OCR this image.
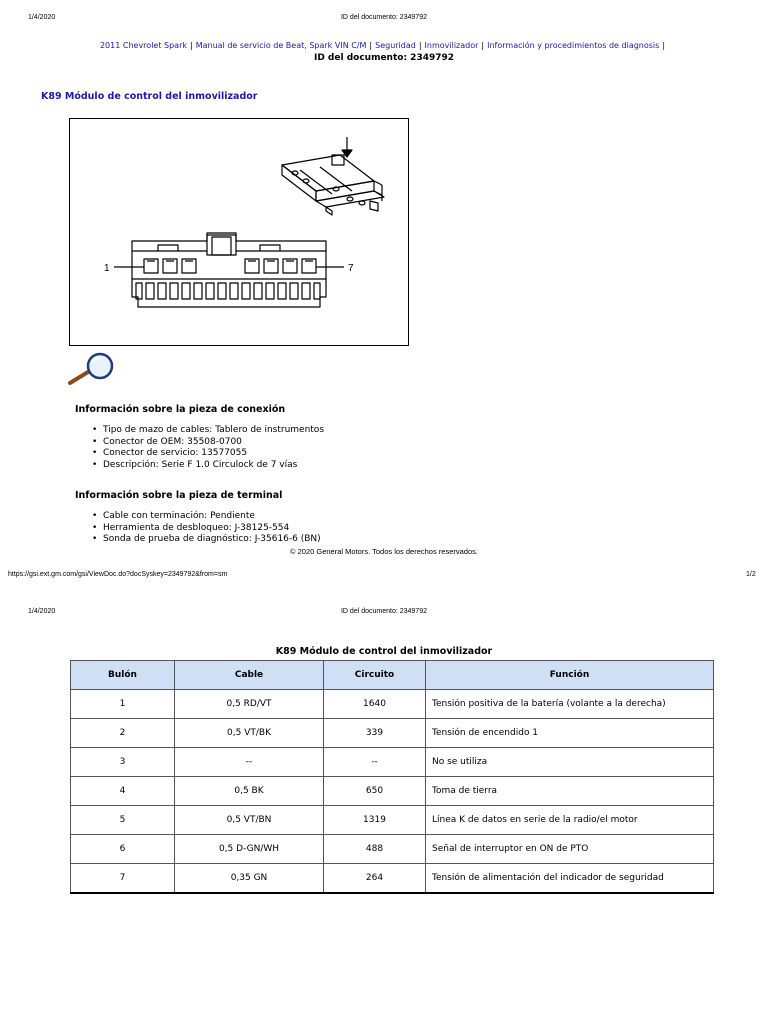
1/4/2020	ID del documento: 2349792
2011 Chevrolet Spark | Manual de servicio de Beat, Spark VIN C/M | Seguridad | Inmovilizador | Información y procedimientos de diagnosis |
ID del documento: 2349792
K89 Módulo de control del inmovilizador
1	7
Información sobre la pieza de conexión
• Tipo de mazo de cables: Tablero de instrumentos
• Conector de OEM: 35508-0700
• Conector de servicio: 13577055
• Descripción: Serie F 1.0 Circulock de 7 vías
Información sobre la pieza de terminal
• Cable con terminación: Pendiente
• Herramienta de desbloqueo: J-38125-554
• Sonda de prueba de diagnóstico: J-35616-6 (BN)
© 2020 General Motors. Todos los derechos reservados.
https://gsi.ext.gm.com/gsi/ViewDoc.do?docSyskey=2349792&from=sm	1/2
1/4/2020	ID del documento: 2349792
K89 Módulo de control del inmovilizador
Bulón	Cable	Circuito	Función
1	0,5 RD/VT	1640	Tensión positiva de la batería (volante a la derecha)
2	0,5 VT/BK	339	Tensión de encendido 1
3	--	--	No se utiliza
4	0,5 BK	650	Toma de tierra
5	0,5 VT/BN	1319	Línea K de datos en serie de la radio/el motor
6	0,5 D-GN/WH	488	Señal de interruptor en ON de PTO
7	0,35 GN	264	Tensión de alimentación del indicador de seguridad
